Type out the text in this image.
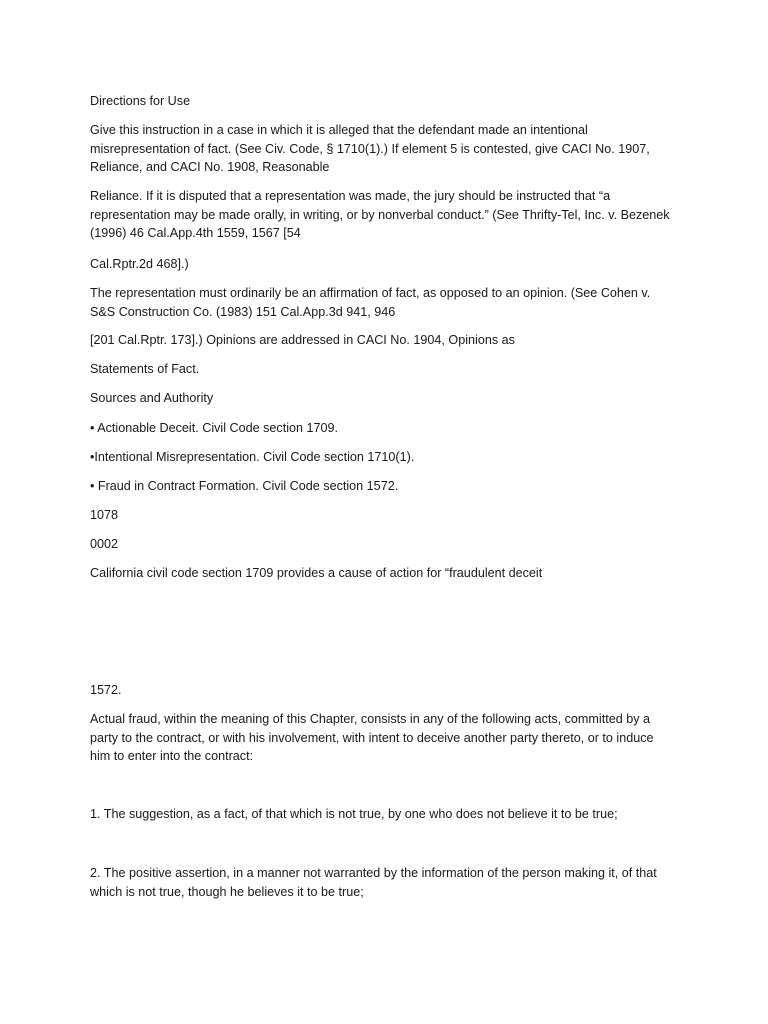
Directions for Use

Give this instruction in a case in which it is alleged that the defendant made an intentional
misrepresentation of fact. (See Civ. Code, § 1710(1).) If element 5 is contested, give CACI No. 1907,
Reliance, and CACI No. 1908, Reasonable

Reliance. If it is disputed that a representation was made, the jury should be instructed that “a
representation may be made orally, in writing, or by nonverbal conduct.” (See Thrifty-Tel, Inc. v. Bezenek
(1996) 46 Cal.App.4th 1559, 1567 [54

Cal.Rptr.2d 468].)

The representation must ordinarily be an affirmation of fact, as opposed to an opinion. (See Cohen v.
S&S Construction Co. (1983) 151 Cal.App.3d 941, 946

[201 Cal.Rptr. 173].) Opinions are addressed in CACI No. 1904, Opinions as

Statements of Fact.

Sources and Authority

• Actionable Deceit. Civil Code section 1709.

•Intentional Misrepresentation. Civil Code section 1710(1).

• Fraud in Contract Formation. Civil Code section 1572.

1078

0002

California civil code section 1709 provides a cause of action for “fraudulent deceit

1572.

Actual fraud, within the meaning of this Chapter, consists in any of the following acts, committed by a
party to the contract, or with his involvement, with intent to deceive another party thereto, or to induce
him to enter into the contract:

1. The suggestion, as a fact, of that which is not true, by one who does not believe it to be true;

2. The positive assertion, in a manner not warranted by the information of the person making it, of that
which is not true, though he believes it to be true;
